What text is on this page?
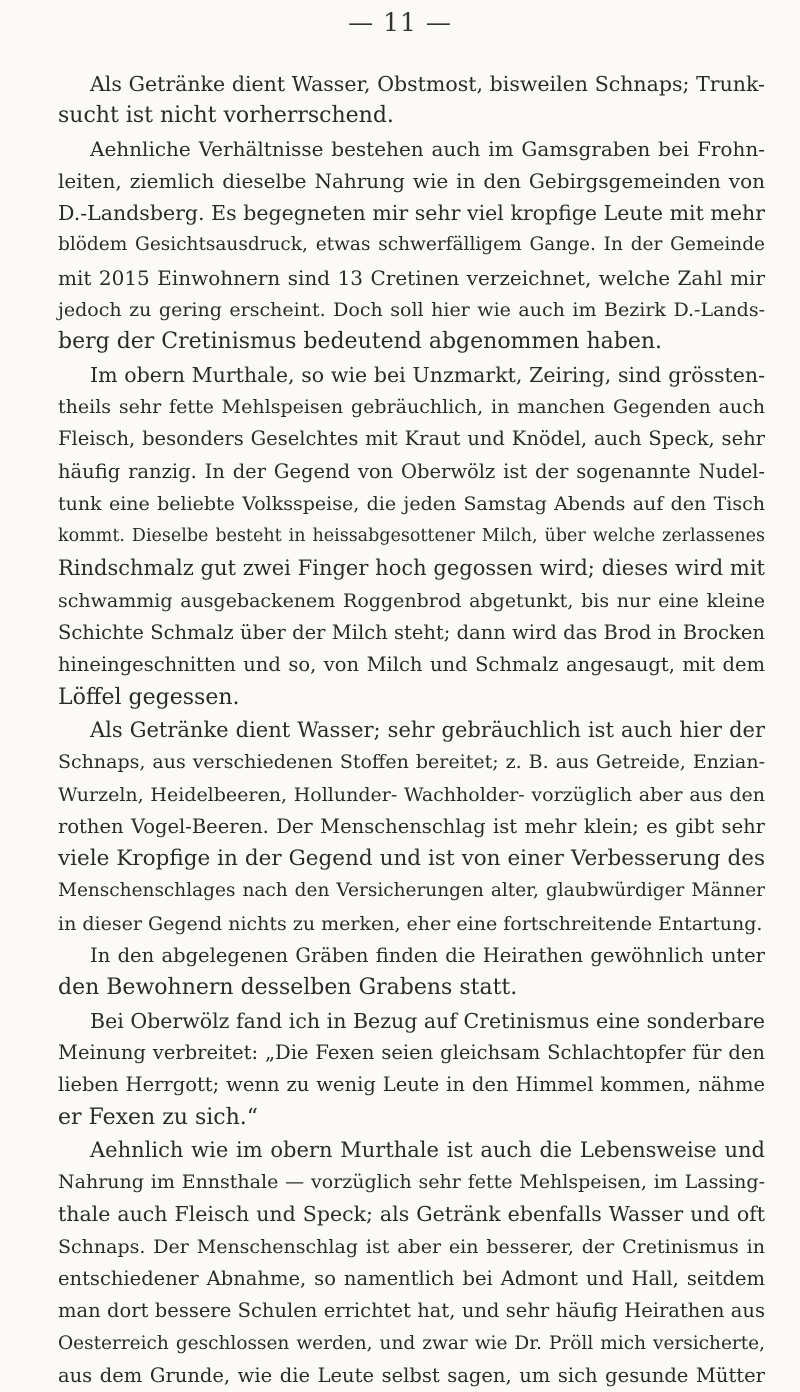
— 11 —
Als Getränke dient Wasser, Obstmost, bisweilen Schnaps; Trunk-
sucht ist nicht vorherrschend.
Aehnliche Verhältnisse bestehen auch im Gamsgraben bei Frohn-
leiten, ziemlich dieselbe Nahrung wie in den Gebirgsgemeinden von
D.-Landsberg. Es begegneten mir sehr viel kropfige Leute mit mehr
blödem Gesichtsausdruck, etwas schwerfälligem Gange. In der Gemeinde
mit 2015 Einwohnern sind 13 Cretinen verzeichnet, welche Zahl mir
jedoch zu gering erscheint. Doch soll hier wie auch im Bezirk D.-Lands-
berg der Cretinismus bedeutend abgenommen haben.
Im obern Murthale, so wie bei Unzmarkt, Zeiring, sind grössten-
theils sehr fette Mehlspeisen gebräuchlich, in manchen Gegenden auch
Fleisch, besonders Geselchtes mit Kraut und Knödel, auch Speck, sehr
häufig ranzig. In der Gegend von Oberwölz ist der sogenannte Nudel-
tunk eine beliebte Volksspeise, die jeden Samstag Abends auf den Tisch
kommt. Dieselbe besteht in heissabgesottener Milch, über welche zerlassenes
Rindschmalz gut zwei Finger hoch gegossen wird; dieses wird mit
schwammig ausgebackenem Roggenbrod abgetunkt, bis nur eine kleine
Schichte Schmalz über der Milch steht; dann wird das Brod in Brocken
hineingeschnitten und so, von Milch und Schmalz angesaugt, mit dem
Löffel gegessen.
Als Getränke dient Wasser; sehr gebräuchlich ist auch hier der
Schnaps, aus verschiedenen Stoffen bereitet; z. B. aus Getreide, Enzian-
Wurzeln, Heidelbeeren, Hollunder- Wachholder- vorzüglich aber aus den
rothen Vogel-Beeren. Der Menschenschlag ist mehr klein; es gibt sehr
viele Kropfige in der Gegend und ist von einer Verbesserung des
Menschenschlages nach den Versicherungen alter, glaubwürdiger Männer
in dieser Gegend nichts zu merken, eher eine fortschreitende Entartung.
In den abgelegenen Gräben finden die Heirathen gewöhnlich unter
den Bewohnern desselben Grabens statt.
Bei Oberwölz fand ich in Bezug auf Cretinismus eine sonderbare
Meinung verbreitet: „Die Fexen seien gleichsam Schlachtopfer für den
lieben Herrgott; wenn zu wenig Leute in den Himmel kommen, nähme
er Fexen zu sich.“
Aehnlich wie im obern Murthale ist auch die Lebensweise und
Nahrung im Ennsthale — vorzüglich sehr fette Mehlspeisen, im Lassing-
thale auch Fleisch und Speck; als Getränk ebenfalls Wasser und oft
Schnaps. Der Menschenschlag ist aber ein besserer, der Cretinismus in
entschiedener Abnahme, so namentlich bei Admont und Hall, seitdem
man dort bessere Schulen errichtet hat, und sehr häufig Heirathen aus
Oesterreich geschlossen werden, und zwar wie Dr. Pröll mich versicherte,
aus dem Grunde, wie die Leute selbst sagen, um sich gesunde Mütter
